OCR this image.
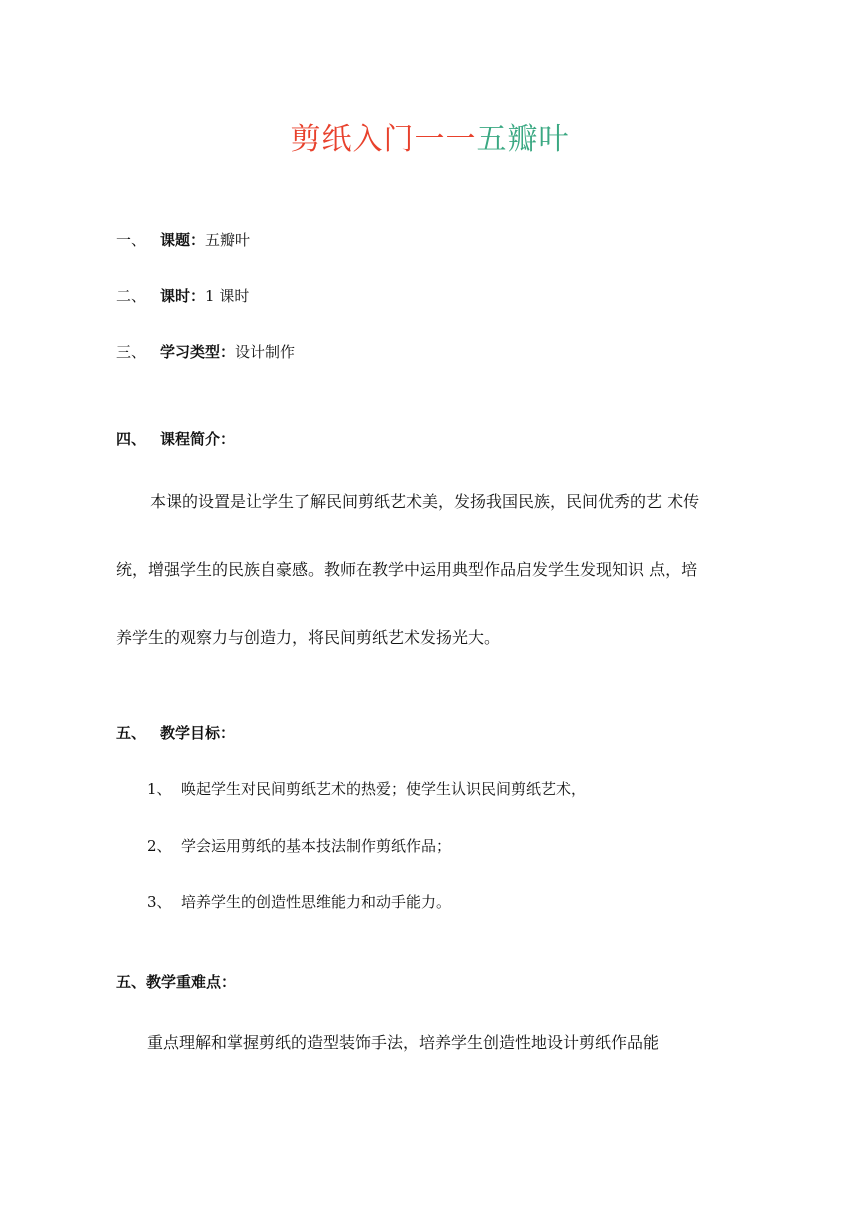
剪纸入门一一五瓣叶
一、 课题：五瓣叶
二、 课时：1 课时
三、 学习类型：设计制作
四、 课程简介：
本课的设置是让学生了解民间剪纸艺术美，发扬我国民族，民间优秀的艺 术传
统，增强学生的民族自豪感。教师在教学中运用典型作品启发学生发现知识 点，培
养学生的观察力与创造力，将民间剪纸艺术发扬光大。
五、 教学目标：
1、 唤起学生对民间剪纸艺术的热爱；使学生认识民间剪纸艺术，
2、 学会运用剪纸的基本技法制作剪纸作品；
3、 培养学生的创造性思维能力和动手能力。
五、教学重难点：
重点理解和掌握剪纸的造型装饰手法，培养学生创造性地设计剪纸作品能
